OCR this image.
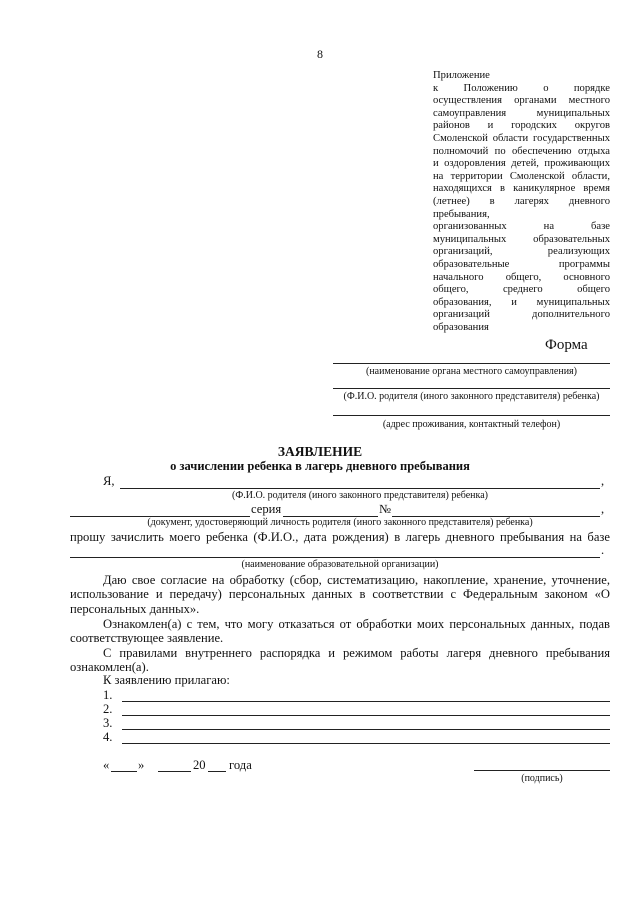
8
Приложение
к Положению о порядке
осуществления органами местного
самоуправления муниципальных
районов и городских округов
Смоленской области государственных
полномочий по обеспечению отдыха
и оздоровления детей, проживающих
на территории Смоленской области,
находящихся в каникулярное время
(летнее) в лагерях дневного
пребывания,
организованных на базе
муниципальных образовательных
организаций, реализующих
образовательные программы
начального общего, основного
общего, среднего общего
образования, и муниципальных
организаций дополнительного
образования
Форма
(наименование органа местного самоуправления)
(Ф.И.О. родителя (иного законного представителя) ребенка)
(адрес проживания, контактный телефон)
ЗАЯВЛЕНИЕ
о зачислении ребенка в лагерь дневного пребывания
Я,	,
(Ф.И.О. родителя (иного законного представителя) ребенка)
серия	№	,
(документ, удостоверяющий личность родителя (иного законного представителя) ребенка)
прошу зачислить моего ребенка (Ф.И.О., дата рождения) в лагерь дневного пребывания на базе
.
(наименование образовательной организации)
Даю свое согласие на обработку (сбор, систематизацию, накопление, хранение, уточнение, использование и передачу) персональных данных в соответствии с Федеральным законом «О персональных данных».
Ознакомлен(а) с тем, что могу отказаться от обработки моих персональных данных, подав соответствующее заявление.
С правилами внутреннего распорядка и режимом работы лагеря дневного пребывания ознакомлен(а).
К заявлению прилагаю:
1.
2.
3.
4.
« »	20 года
(подпись)
